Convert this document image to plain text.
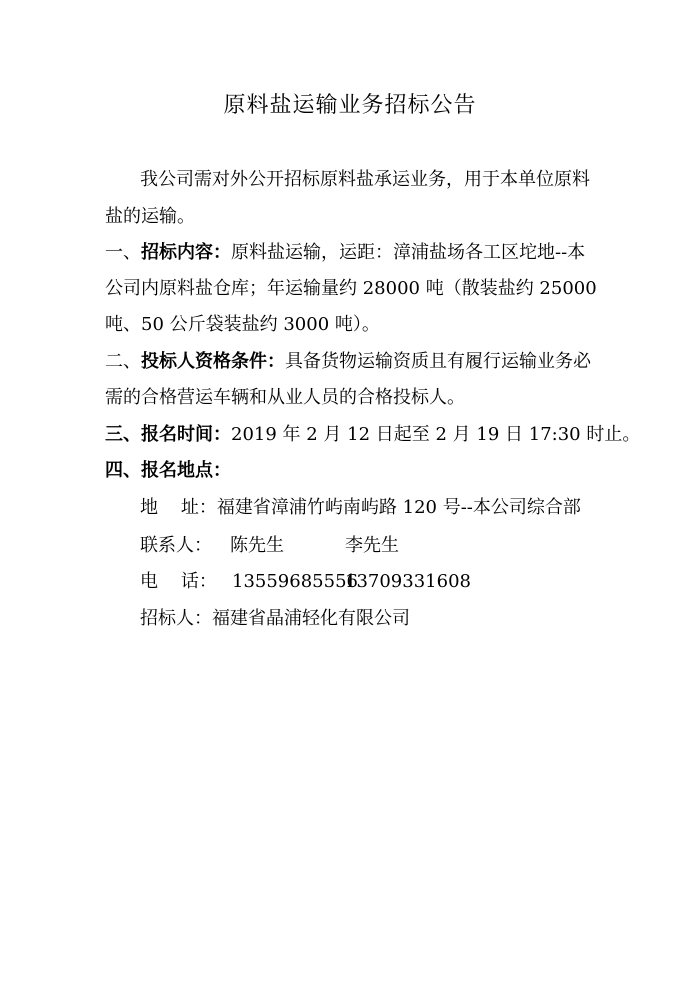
原料盐运输业务招标公告
我公司需对外公开招标原料盐承运业务，用于本单位原料
盐的运输。
一、招标内容：原料盐运输，运距：漳浦盐场各工区坨地--本
公司内原料盐仓库；年运输量约 28000 吨（散装盐约 25000
吨、50 公斤袋装盐约 3000 吨）。
二、投标人资格条件：具备货物运输资质且有履行运输业务必
需的合格营运车辆和从业人员的合格投标人。
三、报名时间：2019 年 2 月 12 日起至 2 月 19 日 17:30 时止。
四、报名地点：
地    址：福建省漳浦竹屿南屿路 120 号--本公司综合部
联系人： 陈先生	李先生
电    话： 13559685556
13709331608
招标人：福建省晶浦轻化有限公司
